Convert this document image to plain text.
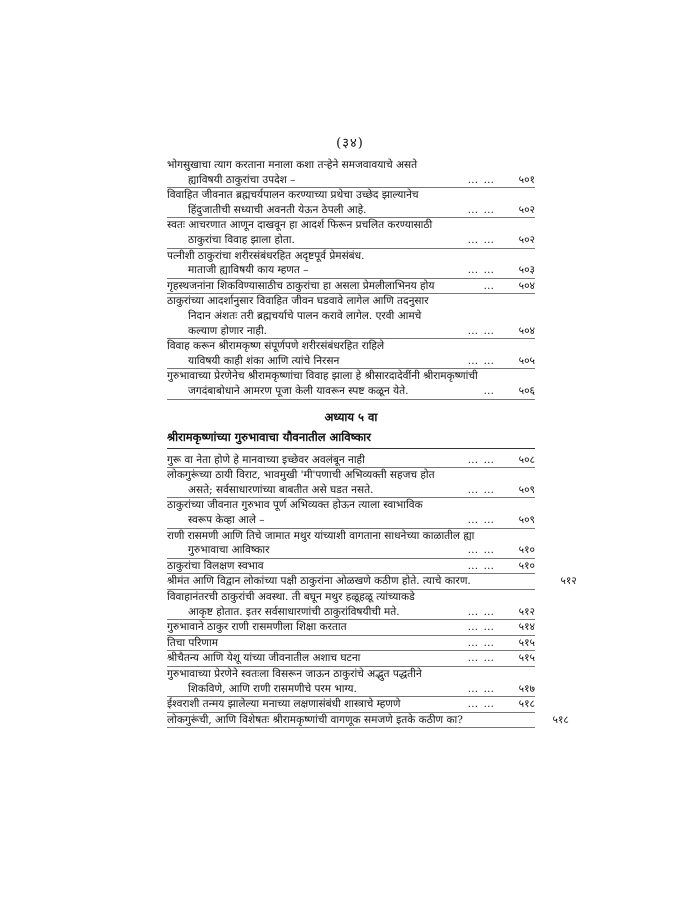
(३४)
भोगसुखाचा त्याग करताना मनाला कशा तऱ्हेने समजवावयाचे असते
ह्याविषयी ठाकुरांचा उपदेश –	… …	५०१
विवाहित जीवनात ब्रह्मचर्यपालन करण्याच्या प्रथेचा उच्छेद झाल्यानेच
हिंदुजातीची सध्याची अवनती येऊन ठेपली आहे.	… …	५०२
स्वतः आचरणात आणून दाखवून हा आदर्श फिरून प्रचलित करण्यासाठी
ठाकुरांचा विवाह झाला होता.	… …	५०२
पत्नीशी ठाकुरांचा शरीरसंबंधरहित अदृष्टपूर्व प्रेमसंबंध.
माताजी ह्याविषयी काय म्हणत –	… …	५०३
गृहस्थजनांना शिकविण्यासाठीच ठाकुरांचा हा असला प्रेमलीलाभिनय होय	…	५०४
ठाकुरांच्या आदर्शानुसार विवाहित जीवन घडवावे लागेल आणि तदनुसार
निदान अंशतः तरी ब्रह्मचर्याचे पालन करावे लागेल. एरवी आमचे
कल्याण होणार नाही.	… …	५०४
विवाह करून श्रीरामकृष्ण संपूर्णपणे शरीरसंबंधरहित राहिले
याविषयी काही शंका आणि त्यांचे निरसन	… …	५०५
गुरुभावाच्या प्रेरणेनेच श्रीरामकृष्णांचा विवाह झाला हे श्रीसारदादेवींनी श्रीरामकृष्णांची
जगदंबाबोधाने आमरण पूजा केली यावरून स्पष्ट कळून येते.	…	५०६
अध्याय ५ वा
श्रीरामकृष्णांच्या गुरुभावाचा यौवनातील आविष्कार
गुरू वा नेता होणे हे मानवाच्या इच्छेवर अवलंबून नाही	… …	५०८
लोकगुरूंच्या ठायी विराट, भावमुखी 'मी'पणाची अभिव्यक्ती सहजच होत
असते; सर्वसाधारणांच्या बाबतीत असे घडत नसते.	… …	५०९
ठाकुरांच्या जीवनात गुरुभाव पूर्ण अभिव्यक्त होऊन त्याला स्वाभाविक
स्वरूप केव्हा आले –	… …	५०९
राणी रासमणी आणि तिचे जामात मथुर यांच्याशी वागताना साधनेच्या काळातील ह्या
गुरुभावाचा आविष्कार	… …	५१०
ठाकुरांचा विलक्षण स्वभाव	… …	५१०
श्रीमंत आणि विद्वान लोकांच्या पक्षी ठाकुरांना ओळखणे कठीण होते. त्याचे कारण.	५१२
विवाहानंतरची ठाकुरांची अवस्था. ती बघून मथुर हळूहळू त्यांच्याकडे
आकृष्ट होतात. इतर सर्वसाधारणांची ठाकुरांविषयीची मते.	… …	५१२
गुरुभावाने ठाकुर राणी रासमणीला शिक्षा करतात	… …	५१४
तिचा परिणाम	… …	५१५
श्रीचैतन्य आणि येशू यांच्या जीवनातील अशाच घटना	… …	५१५
गुरुभावाच्या प्रेरणेने स्वतःला विसरून जाऊन ठाकुरांचे अद्भुत पद्धतीने
शिकविणे, आणि राणी रासमणीचे परम भाग्य.	… …	५१७
ईश्वराशी तन्मय झालेल्या मनाच्या लक्षणासंबंधी शास्त्राचे म्हणणे	… …	५१८
लोकगुरूंची, आणि विशेषतः श्रीरामकृष्णांची वागणूक समजणे इतके कठीण का?	५१८
